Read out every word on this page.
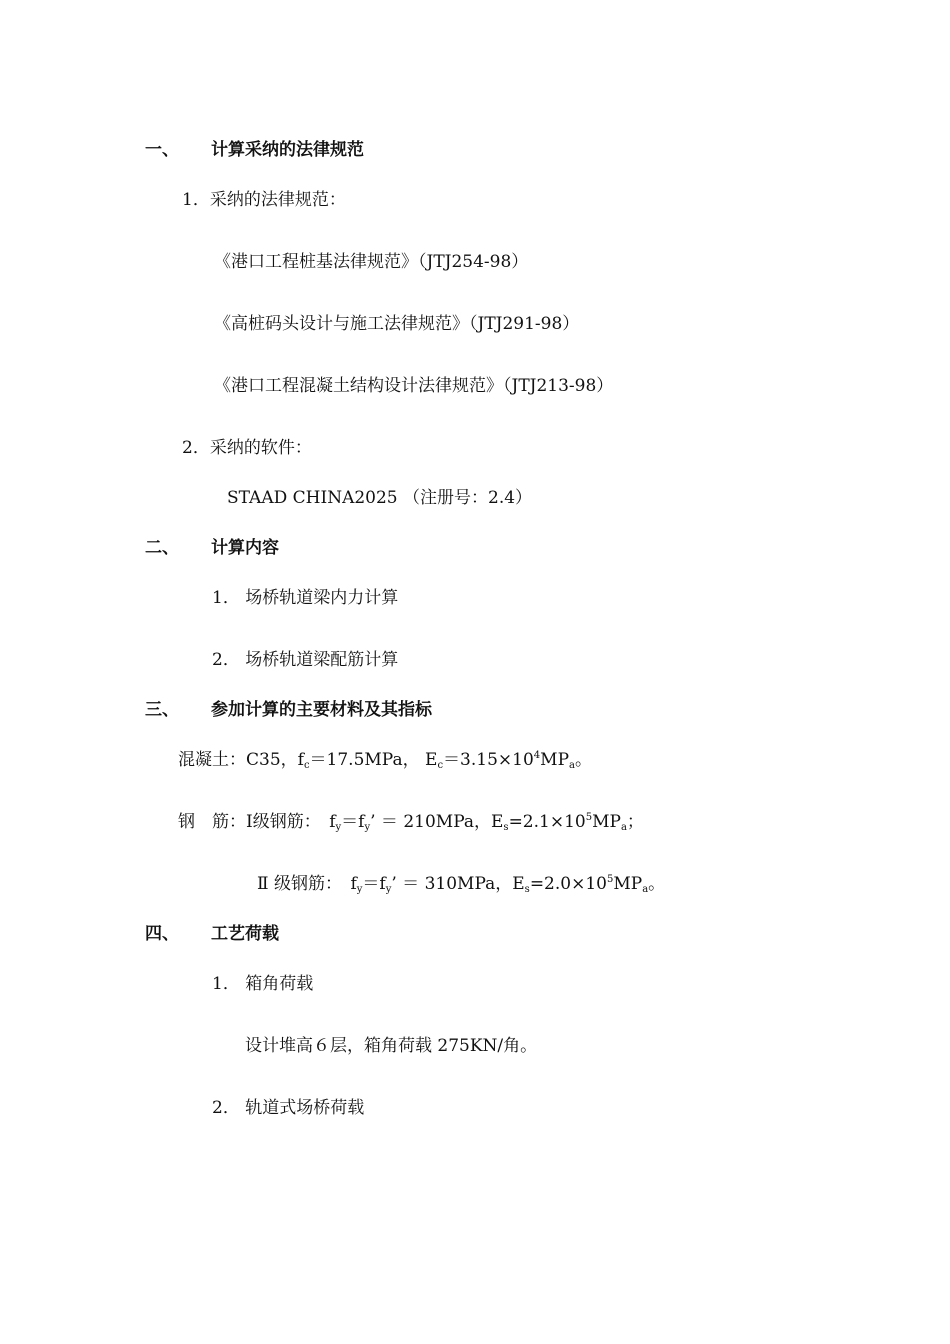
一、 计算采纳的法律规范
1．采纳的法律规范：
《港口工程桩基法律规范》（JTJ254-98）
《高桩码头设计与施工法律规范》（JTJ291-98）
《港口工程混凝土结构设计法律规范》（JTJ213-98）
2．采纳的软件：
STAAD CHINA2025 （注册号：2.4）
二、 计算内容
1． 场桥轨道梁内力计算
2． 场桥轨道梁配筋计算
三、 参加计算的主要材料及其指标
混凝土：C35，$f_c=17.5MPa$， $E_c=3.15\times 10^4MP_a$。
钢　筋：Ⅰ级钢筋：　$f_y=f_y$’ ＝ 210MPa，$E_s=2.1\times 10^5MP_a$；
Ⅱ 级钢筋：　$f_y=f_y$’ ＝ 310MPa，$E_s=2.0\times 10^5MP_a$。
四、 工艺荷载
1． 箱角荷载
设计堆高６层，箱角荷载 275KN/角。
2． 轨道式场桥荷载
